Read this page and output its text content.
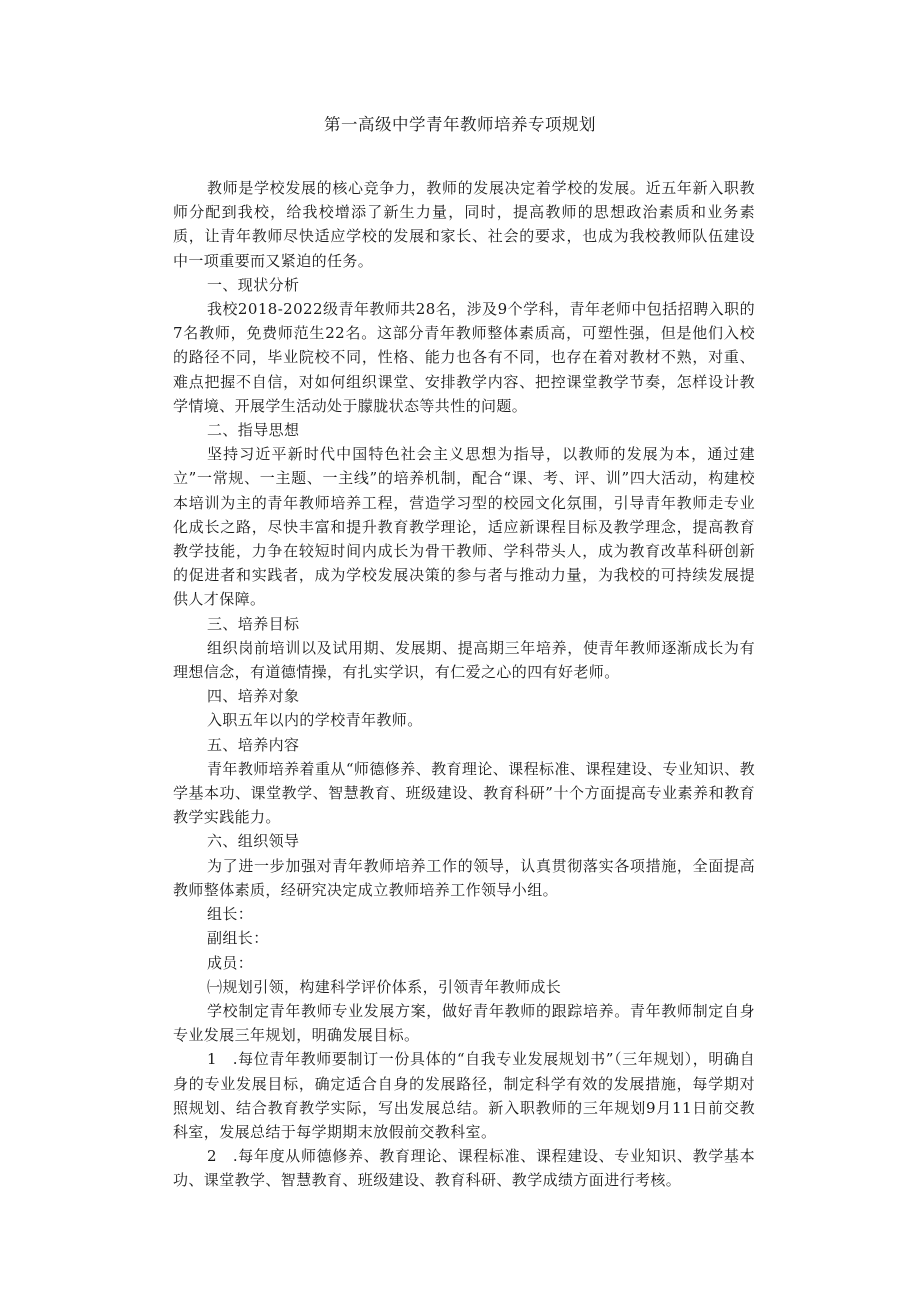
第一高级中学青年教师培养专项规划

教师是学校发展的核心竞争力，教师的发展决定着学校的发展。近五年新入职教师分配到我校，给我校增添了新生力量，同时，提高教师的思想政治素质和业务素质，让青年教师尽快适应学校的发展和家长、社会的要求，也成为我校教师队伍建设中一项重要而又紧迫的任务。

一、现状分析

我校2018-2022级青年教师共28名，涉及9个学科，青年老师中包括招聘入职的7名教师，免费师范生22名。这部分青年教师整体素质高，可塑性强，但是他们入校的路径不同，毕业院校不同，性格、能力也各有不同，也存在着对教材不熟，对重、难点把握不自信，对如何组织课堂、安排教学内容、把控课堂教学节奏，怎样设计教学情境、开展学生活动处于朦胧状态等共性的问题。

二、指导思想

坚持习近平新时代中国特色社会主义思想为指导，以教师的发展为本，通过建立”一常规、一主题、一主线”的培养机制，配合“课、考、评、训”四大活动，构建校本培训为主的青年教师培养工程，营造学习型的校园文化氛围，引导青年教师走专业化成长之路，尽快丰富和提升教育教学理论，适应新课程目标及教学理念，提高教育教学技能，力争在较短时间内成长为骨干教师、学科带头人，成为教育改革科研创新的促进者和实践者，成为学校发展决策的参与者与推动力量，为我校的可持续发展提供人才保障。

三、培养目标

组织岗前培训以及试用期、发展期、提高期三年培养，使青年教师逐渐成长为有理想信念，有道德情操，有扎实学识，有仁爱之心的四有好老师。

四、培养对象

入职五年以内的学校青年教师。

五、培养内容

青年教师培养着重从“师德修养、教育理论、课程标准、课程建设、专业知识、教学基本功、课堂教学、智慧教育、班级建设、教育科研”十个方面提高专业素养和教育教学实践能力。

六、组织领导

为了进一步加强对青年教师培养工作的领导，认真贯彻落实各项措施，全面提高教师整体素质，经研究决定成立教师培养工作领导小组。

组长：

副组长：

成员：

㈠规划引领，构建科学评价体系，引领青年教师成长

学校制定青年教师专业发展方案，做好青年教师的跟踪培养。青年教师制定自身专业发展三年规划，明确发展目标。

1　.每位青年教师要制订一份具体的“自我专业发展规划书”（三年规划），明确自身的专业发展目标，确定适合自身的发展路径，制定科学有效的发展措施，每学期对照规划、结合教育教学实际，写出发展总结。新入职教师的三年规划9月11日前交教科室，发展总结于每学期期末放假前交教科室。

2　.每年度从师德修养、教育理论、课程标准、课程建设、专业知识、教学基本功、课堂教学、智慧教育、班级建设、教育科研、教学成绩方面进行考核。
